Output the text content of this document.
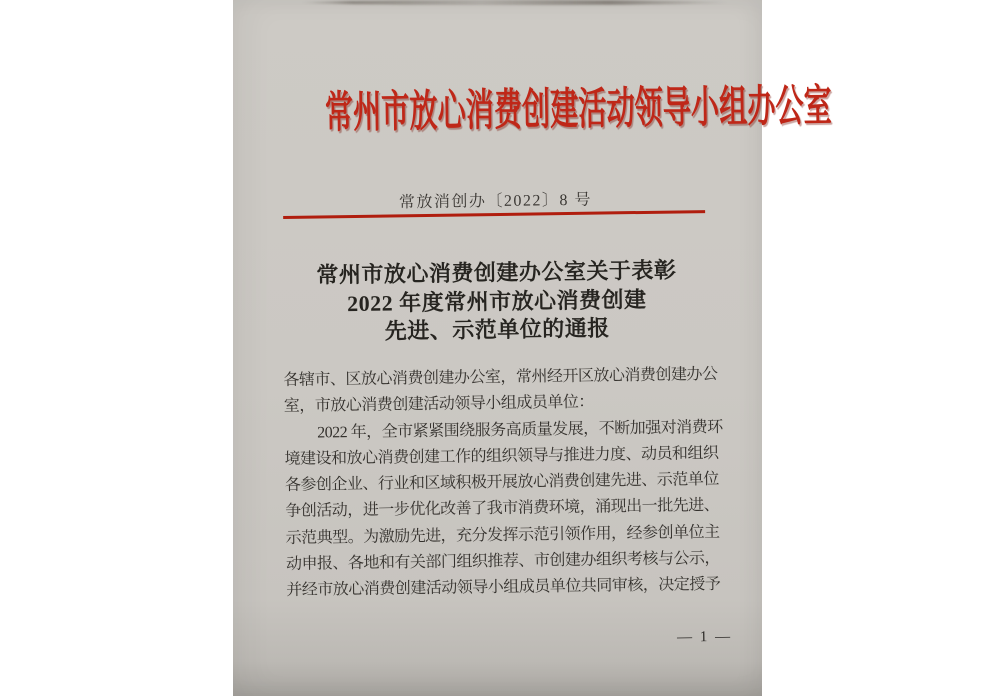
常州市放心消费创建活动领导小组办公室
常放消创办〔2022〕8 号
常州市放心消费创建办公室关于表彰
2022 年度常州市放心消费创建
先进、示范单位的通报
各辖市、区放心消费创建办公室，常州经开区放心消费创建办公
室，市放心消费创建活动领导小组成员单位：
2022 年，全市紧紧围绕服务高质量发展，不断加强对消费环
境建设和放心消费创建工作的组织领导与推进力度、动员和组织
各参创企业、行业和区域积极开展放心消费创建先进、示范单位
争创活动，进一步优化改善了我市消费环境，涌现出一批先进、
示范典型。为激励先进，充分发挥示范引领作用，经参创单位主
动申报、各地和有关部门组织推荐、市创建办组织考核与公示，
并经市放心消费创建活动领导小组成员单位共同审核，决定授予
— 1 —
